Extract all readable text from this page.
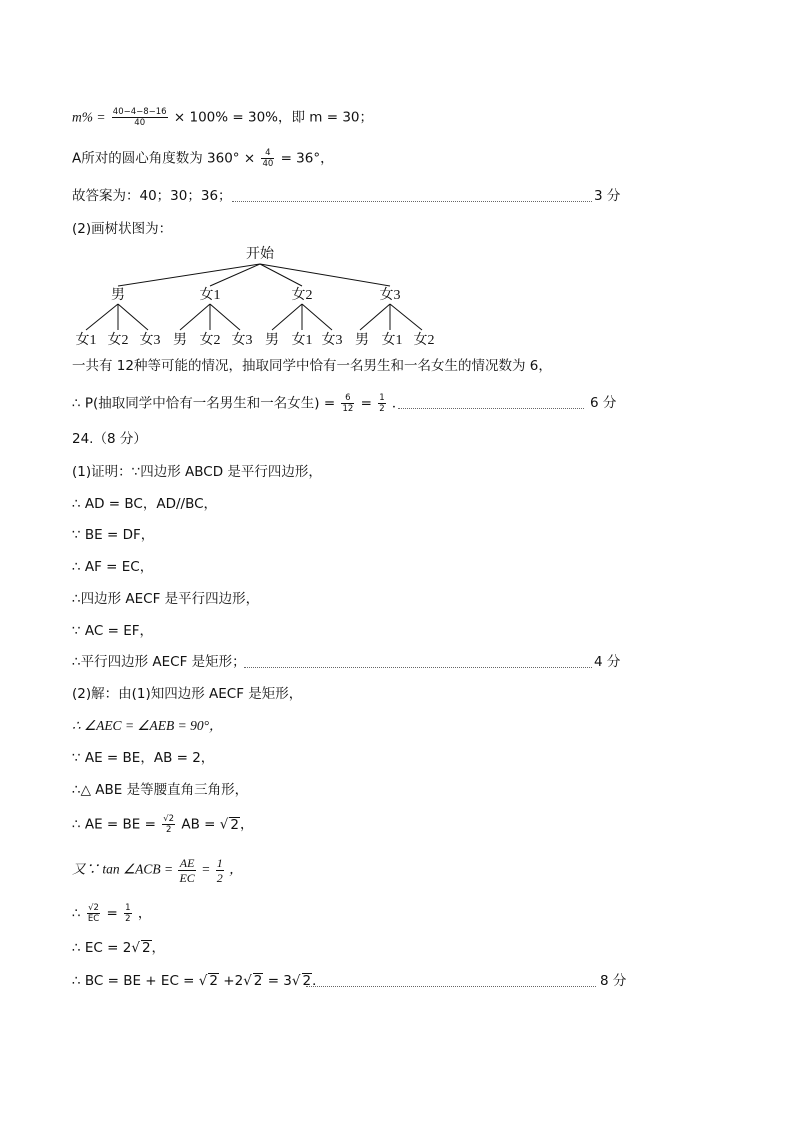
$m\% = \frac{40-4-8-16}{40} \times 100\% = 30\%$，即 m = 30；
A所对的圆心角度数为 $360^\circ \times \frac{4}{40} = 36^\circ$，
故答案为：40；30；36；	3 分
(2)画树状图为：
开始
男	女1	女2	女3
女1 女2 女3 男 女2 女3 男 女1 女3 男 女1 女2
一共有 12种等可能的情况，抽取同学中恰有一名男生和一名女生的情况数为 6，
∴ P(抽取同学中恰有一名男生和一名女生) = $\frac{6}{12} = \frac{1}{2}$ ．	6 分
24.（8 分）
(1)证明：∵四边形 ABCD 是平行四边形，
∴ AD = BC，AD//BC，
∵ BE = DF，
∴ AF = EC，
∴四边形 AECF 是平行四边形，
∵ AC = EF，
∴平行四边形 AECF 是矩形；	4 分
(2)解：由(1)知四边形 AECF 是矩形，
∴ ∠AEC = ∠AEB = 90°，
∵ AE = BE，AB = 2，
∴△ ABE 是等腰直角三角形，
∴ AE = BE = $\frac{√2}{2}$ AB = √ 2，
又∵ tan ∠ACB = $\frac{AE}{EC} = \frac{1}{2}$ ，
∴ $\frac{√2}{EC} = \frac{1}{2}$ ，
∴ EC = 2√ 2，
∴ BC = BE + EC = √ 2 +2√ 2 = 3√ 2．	8 分
